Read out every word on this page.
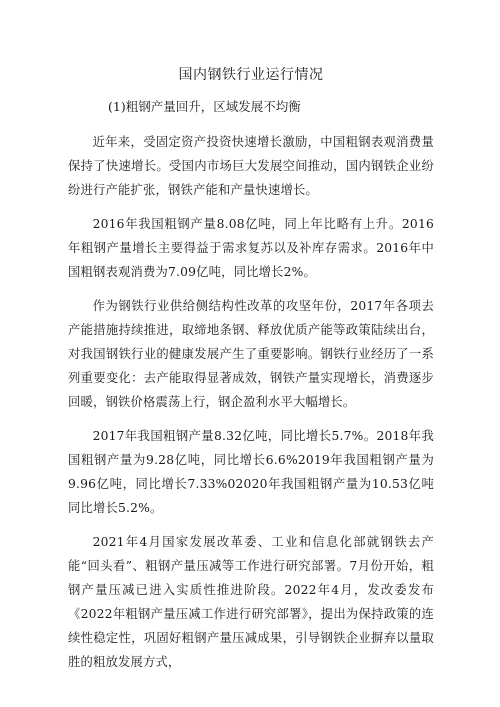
国内钢铁行业运行情况
(1)粗钢产量回升，区域发展不均衡

近年来，受固定资产投资快速增长激励，中国粗钢表观消费量保持了快速增长。受国内市场巨大发展空间推动，国内钢铁企业纷纷进行产能扩张，钢铁产能和产量快速增长。

2016年我国粗钢产量8.08亿吨，同上年比略有上升。2016年粗钢产量增长主要得益于需求复苏以及补库存需求。2016年中国粗钢表观消费为7.09亿吨，同比增长2%。

作为钢铁行业供给侧结构性改革的攻坚年份，2017年各项去产能措施持续推进，取缔地条钢、释放优质产能等政策陆续出台，对我国钢铁行业的健康发展产生了重要影响。钢铁行业经历了一系列重要变化：去产能取得显著成效，钢铁产量实现增长，消费逐步回暖，钢铁价格震荡上行，钢企盈利水平大幅增长。

2017年我国粗钢产量8.32亿吨，同比增长5.7%。2018年我国粗钢产量为9.28亿吨，同比增长6.6%2019年我国粗钢产量为9.96亿吨，同比增长7.33%02020年我国粗钢产量为10.53亿吨同比增长5.2%。

2021年4月国家发展改革委、工业和信息化部就钢铁去产能“回头看”、粗钢产量压减等工作进行研究部署。7月份开始，粗钢产量压减已进入实质性推进阶段。2022年4月，发改委发布《2022年粗钢产量压减工作进行研究部署》，提出为保持政策的连续性稳定性，巩固好粗钢产量压减成果，引导钢铁企业摒弃以量取胜的粗放发展方式，
